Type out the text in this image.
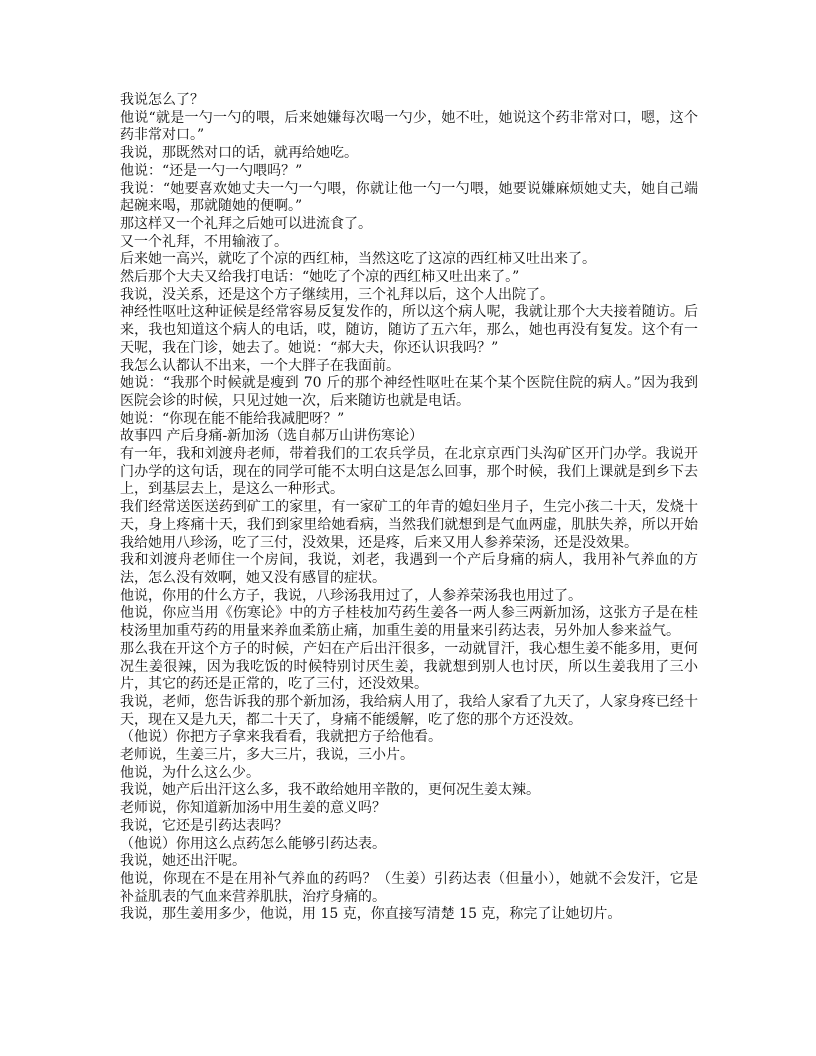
我说怎么了？

他说“就是一勺一勺的喂，后来她嫌每次喝一勺少，她不吐，她说这个药非常对口，嗯，这个药非常对口。”

我说，那既然对口的话，就再给她吃。

他说：“还是一勺一勺喂吗？”

我说：“她要喜欢她丈夫一勺一勺喂，你就让他一勺一勺喂，她要说嫌麻烦她丈夫，她自己端起碗来喝，那就随她的便啊。”

那这样又一个礼拜之后她可以进流食了。

又一个礼拜，不用输液了。

后来她一高兴，就吃了个凉的西红柿，当然这吃了这凉的西红柿又吐出来了。

然后那个大夫又给我打电话：“她吃了个凉的西红柿又吐出来了。”

我说，没关系，还是这个方子继续用，三个礼拜以后，这个人出院了。

神经性呕吐这种证候是经常容易反复发作的，所以这个病人呢，我就让那个大夫接着随访。后来，我也知道这个病人的电话，哎，随访，随访了五六年，那么，她也再没有复发。这个有一天呢，我在门诊，她去了。她说：“郝大夫，你还认识我吗？”

我怎么认都认不出来，一个大胖子在我面前。

她说：“我那个时候就是瘦到 70 斤的那个神经性呕吐在某个某个医院住院的病人。”因为我到医院会诊的时候，只见过她一次，后来随访也就是电话。

她说：“你现在能不能给我减肥呀？”

故事四 产后身痛-新加汤（选自郝万山讲伤寒论）

有一年，我和刘渡舟老师，带着我们的工农兵学员，在北京京西门头沟矿区开门办学。我说开门办学的这句话，现在的同学可能不太明白这是怎么回事，那个时候，我们上课就是到乡下去上，到基层去上，是这么一种形式。

我们经常送医送药到矿工的家里，有一家矿工的年青的媳妇坐月子，生完小孩二十天，发烧十天，身上疼痛十天，我们到家里给她看病，当然我们就想到是气血两虚，肌肤失养，所以开始我给她用八珍汤，吃了三付，没效果，还是疼，后来又用人参养荣汤，还是没效果。

我和刘渡舟老师住一个房间，我说，刘老，我遇到一个产后身痛的病人，我用补气养血的方法，怎么没有效啊，她又没有感冒的症状。

他说，你用的什么方子，我说，八珍汤我用过了，人参养荣汤我也用过了。

他说，你应当用《伤寒论》中的方子桂枝加芍药生姜各一两人参三两新加汤，这张方子是在桂枝汤里加重芍药的用量来养血柔筋止痛，加重生姜的用量来引药达表，另外加人参来益气。

那么我在开这个方子的时候，产妇在产后出汗很多，一动就冒汗，我心想生姜不能多用，更何况生姜很辣，因为我吃饭的时候特别讨厌生姜，我就想到别人也讨厌，所以生姜我用了三小片，其它的药还是正常的，吃了三付，还没效果。

我说，老师，您告诉我的那个新加汤，我给病人用了，我给人家看了九天了，人家身疼已经十天，现在又是九天，都二十天了，身痛不能缓解，吃了您的那个方还没效。

（他说）你把方子拿来我看看，我就把方子给他看。

老师说，生姜三片，多大三片，我说，三小片。

他说，为什么这么少。

我说，她产后出汗这么多，我不敢给她用辛散的，更何况生姜太辣。

老师说，你知道新加汤中用生姜的意义吗？

我说，它还是引药达表吗？

（他说）你用这么点药怎么能够引药达表。

我说，她还出汗呢。

他说，你现在不是在用补气养血的药吗？（生姜）引药达表（但量小），她就不会发汗，它是补益肌表的气血来营养肌肤，治疗身痛的。

我说，那生姜用多少，他说，用 15 克，你直接写清楚 15 克，称完了让她切片。
